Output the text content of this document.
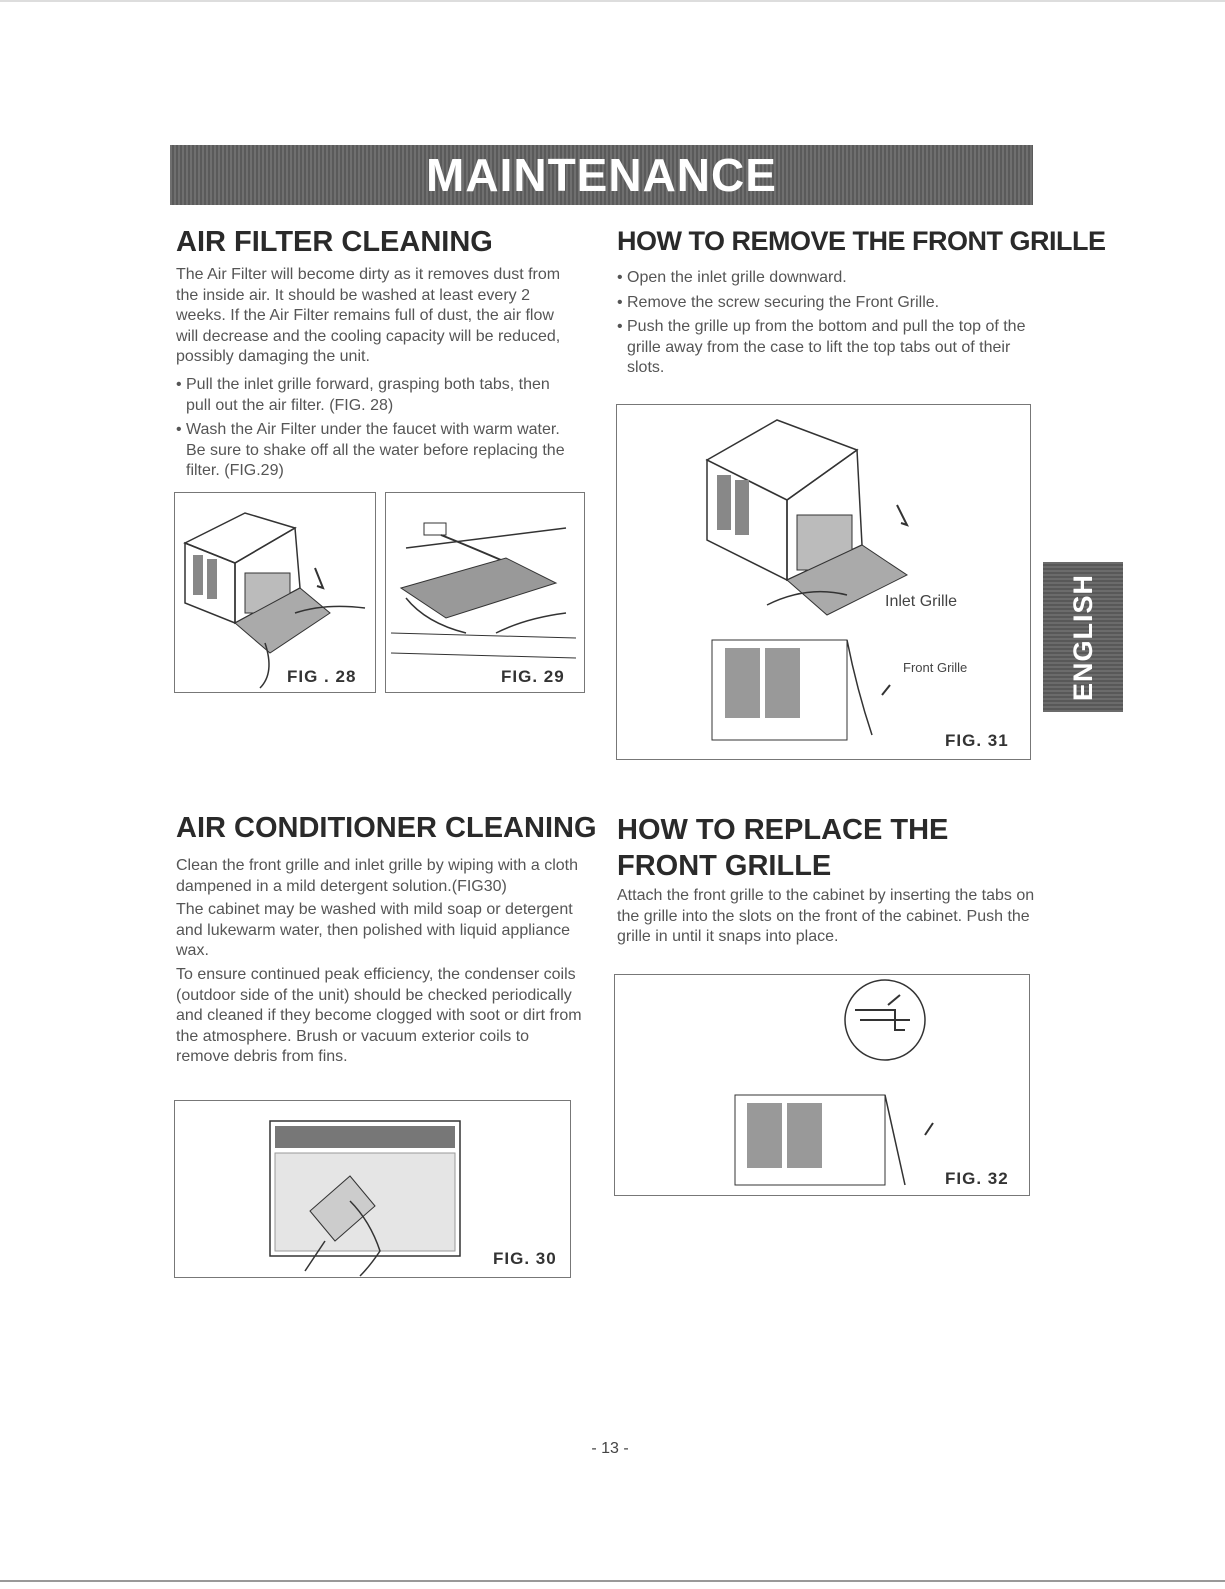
MAINTENANCE
AIR FILTER CLEANING

The Air Filter will become dirty as it removes dust from the inside air. It should be washed at least every 2 weeks. If the Air Filter remains full of dust, the air flow will decrease and the cooling capacity will be reduced, possibly damaging the unit.

• Pull the inlet grille forward, grasping both tabs, then pull out the air filter. (FIG. 28)
• Wash the Air Filter under the faucet with warm water. Be sure to shake off all the water before replacing the filter. (FIG.29)
FIG . 28	FIG. 29
HOW TO REMOVE THE FRONT GRILLE
• Open the inlet grille downward.
• Remove the screw securing the Front Grille.
• Push the grille up from the bottom and pull the top of the grille away from the case to lift the top tabs out of their slots.
Inlet Grille
Front Grille
FIG. 31
AIR CONDITIONER CLEANING

Clean the front grille and inlet grille by wiping with a cloth dampened in a mild detergent solution.(FIG30)

The cabinet may be washed with mild soap or detergent and lukewarm water, then polished with liquid appliance wax.

To ensure continued peak efficiency, the condenser coils (outdoor side of the unit) should be checked periodically and cleaned if they become clogged with soot or dirt from the atmosphere. Brush or vacuum exterior coils to remove debris from fins.

FIG. 30
HOW TO REPLACE THE FRONT GRILLE

Attach the front grille to the cabinet by inserting the tabs on the grille into the slots on the front of the cabinet. Push the grille in until it snaps into place.

FIG. 32
ENGLISH
- 13 -
